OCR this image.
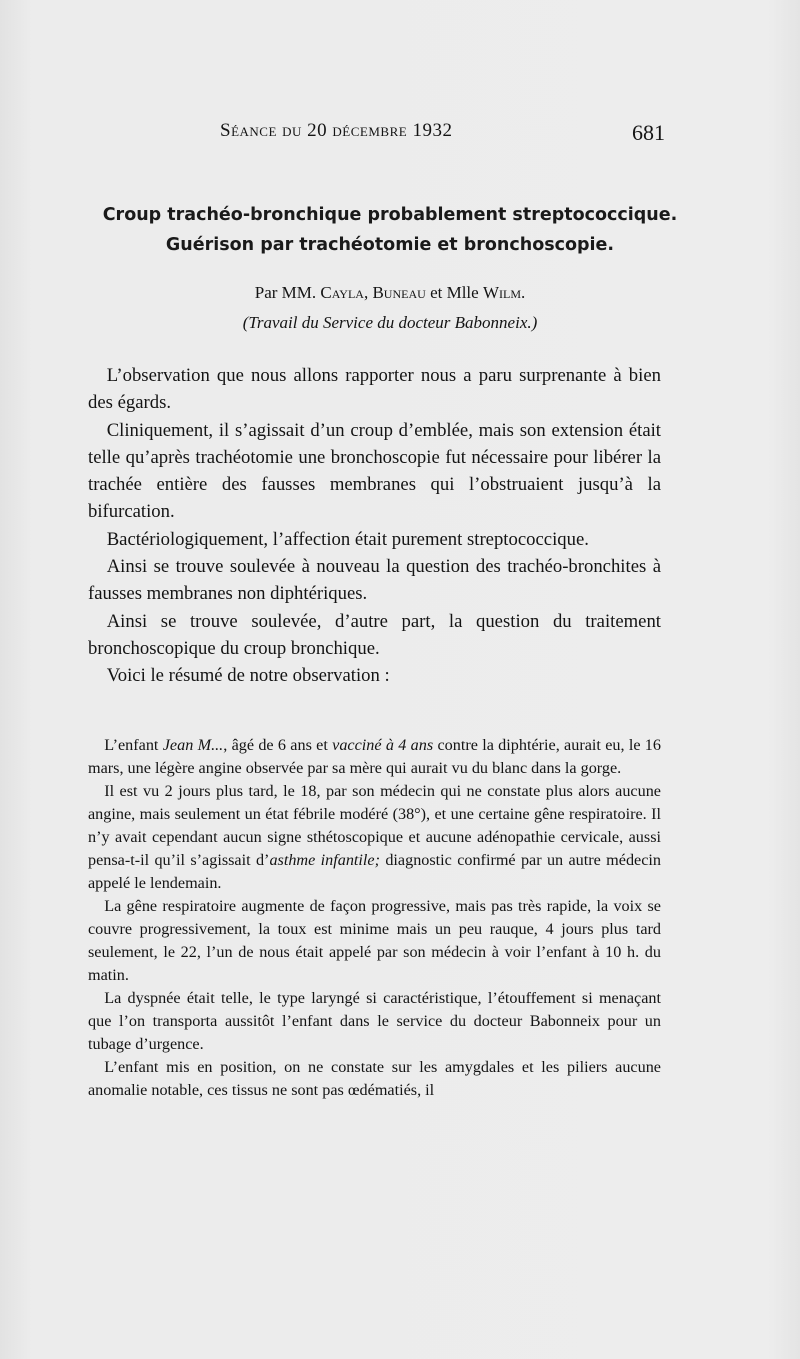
Séance du 20 décembre 1932	681
Croup trachéo-bronchique probablement streptococcique.
Guérison par trachéotomie et bronchoscopie.
Par MM. Cayla, Buneau et Mlle Wilm.
(Travail du Service du docteur Babonneix.)

 L’observation que nous allons rapporter nous a paru surprenante à bien des égards.

 Cliniquement, il s’agissait d’un croup d’emblée, mais son extension était telle qu’après trachéotomie une bronchoscopie fut nécessaire pour libérer la trachée entière des fausses membranes qui l’obstruaient jusqu’à la bifurcation.

 Bactériologiquement, l’affection était purement streptococcique.

 Ainsi se trouve soulevée à nouveau la question des trachéo-bronchites à fausses membranes non diphtériques.

 Ainsi se trouve soulevée, d’autre part, la question du traitement bronchoscopique du croup bronchique.

 Voici le résumé de notre observation :

 L’enfant Jean M..., âgé de 6 ans et vacciné à 4 ans contre la diphtérie, aurait eu, le 16 mars, une légère angine observée par sa mère qui aurait vu du blanc dans la gorge.

 Il est vu 2 jours plus tard, le 18, par son médecin qui ne constate plus alors aucune angine, mais seulement un état fébrile modéré (38°), et une certaine gêne respiratoire. Il n’y avait cependant aucun signe sthétoscopique et aucune adénopathie cervicale, aussi pensa-t-il qu’il s’agissait d’asthme infantile; diagnostic confirmé par un autre médecin appelé le lendemain.

 La gêne respiratoire augmente de façon progressive, mais pas très rapide, la voix se couvre progressivement, la toux est minime mais un peu rauque, 4 jours plus tard seulement, le 22, l’un de nous était appelé par son médecin à voir l’enfant à 10 h. du matin.

 La dyspnée était telle, le type laryngé si caractéristique, l’étouffement si menaçant que l’on transporta aussitôt l’enfant dans le service du docteur Babonneix pour un tubage d’urgence.

 L’enfant mis en position, on ne constate sur les amygdales et les piliers aucune anomalie notable, ces tissus ne sont pas œdématiés, il
